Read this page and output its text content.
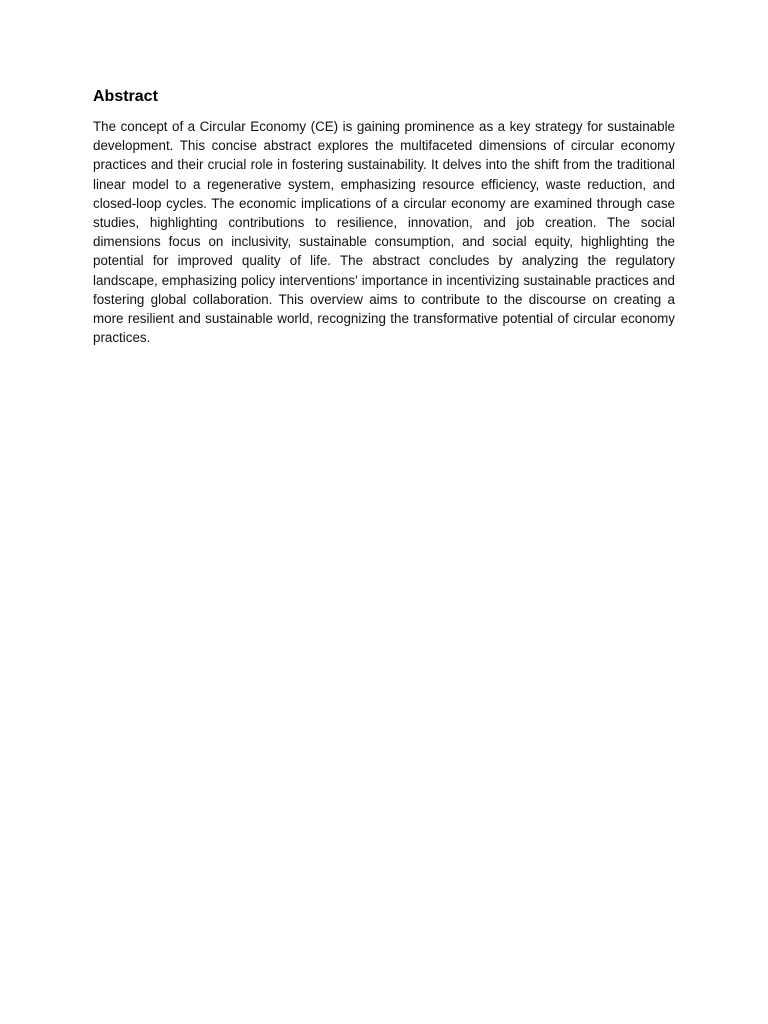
Abstract

The concept of a Circular Economy (CE) is gaining prominence as a key strategy for sustainable development. This concise abstract explores the multifaceted dimensions of circular economy practices and their crucial role in fostering sustainability. It delves into the shift from the traditional linear model to a regenerative system, emphasizing resource efficiency, waste reduction, and closed-loop cycles. The economic implications of a circular economy are examined through case studies, highlighting contributions to resilience, innovation, and job creation. The social dimensions focus on inclusivity, sustainable consumption, and social equity, highlighting the potential for improved quality of life. The abstract concludes by analyzing the regulatory landscape, emphasizing policy interventions' importance in incentivizing sustainable practices and fostering global collaboration. This overview aims to contribute to the discourse on creating a more resilient and sustainable world, recognizing the transformative potential of circular economy practices.
